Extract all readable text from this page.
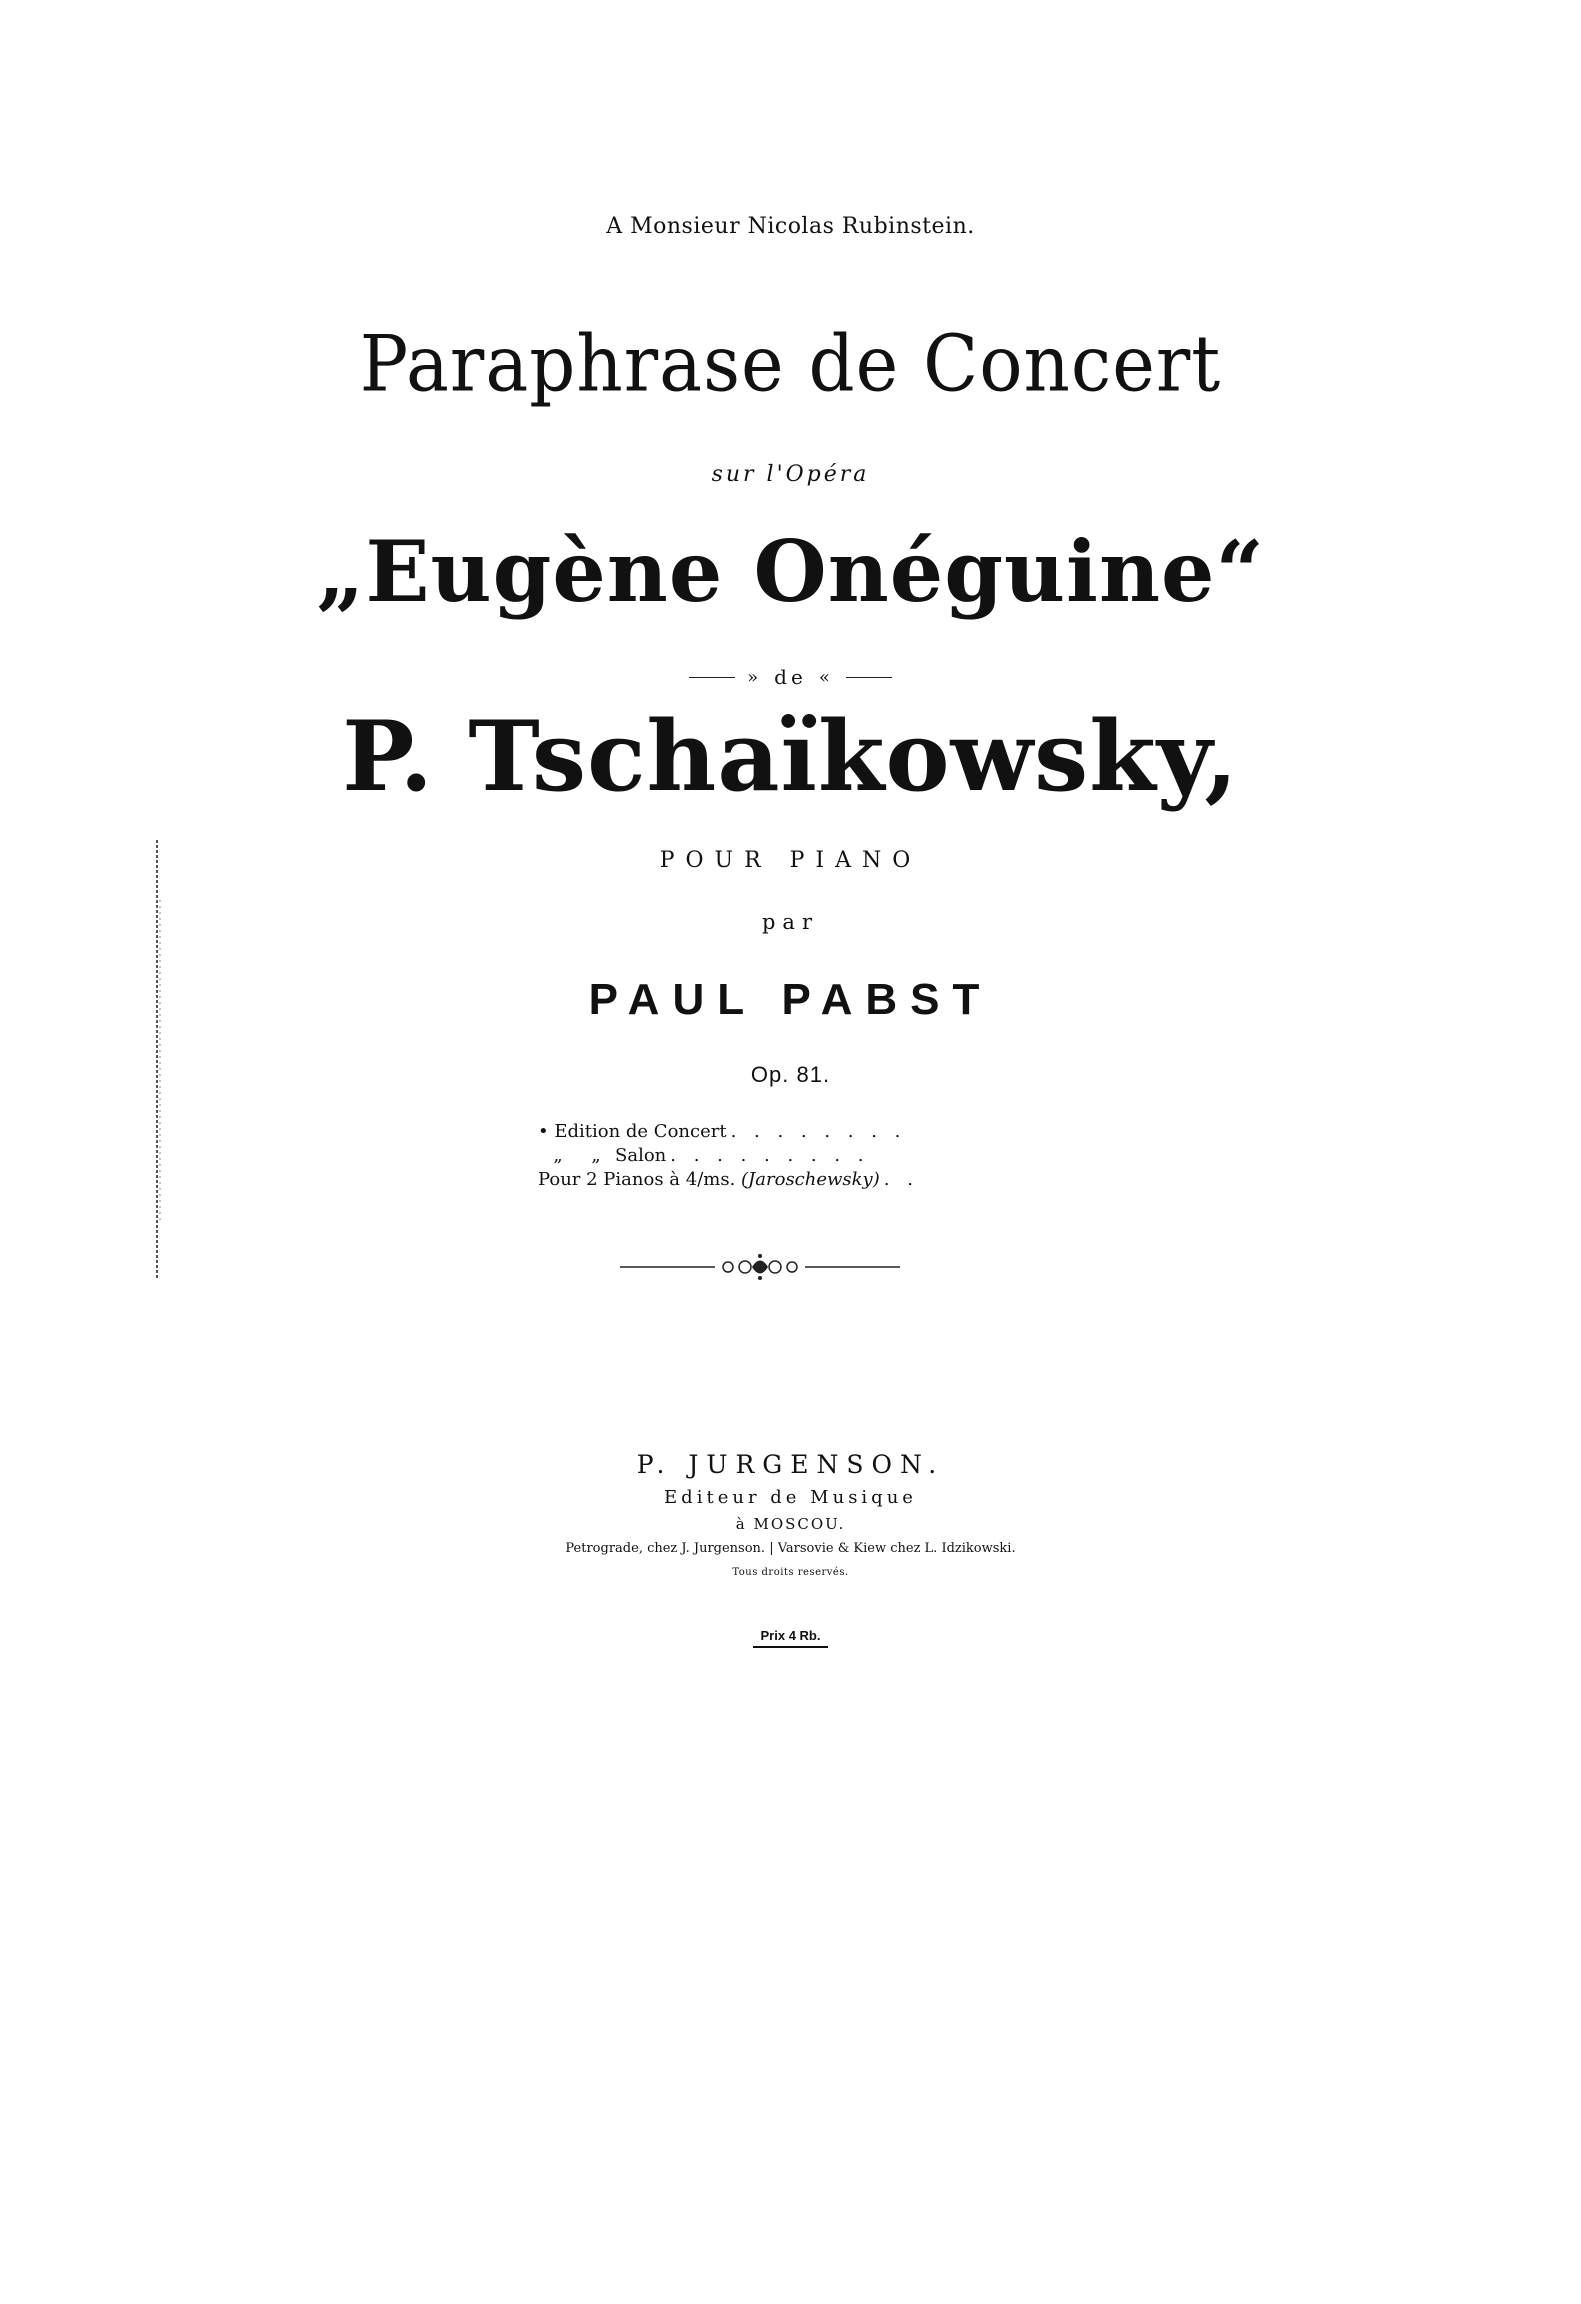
A Monsieur Nicolas Rubinstein.
Paraphrase de Concert
sur l'Opéra
„Eugène Onéguine“
» de «
P. Tschaïkowsky,
POUR PIANO
par
PAUL PABST
Op. 81.
• Edition de Concert . . . . . . . .
„	„ Salon . . . . . . . . .
Pour 2 Pianos à 4/ms.
(Jaroschewsky) . .
P. JURGENSON.
Editeur de Musique
à MOSCOU.
Petrograde, chez J. Jurgenson. | Varsovie & Kiew chez L. Idzikowski.
Tous droits reservés.
Prix 4 Rb.
